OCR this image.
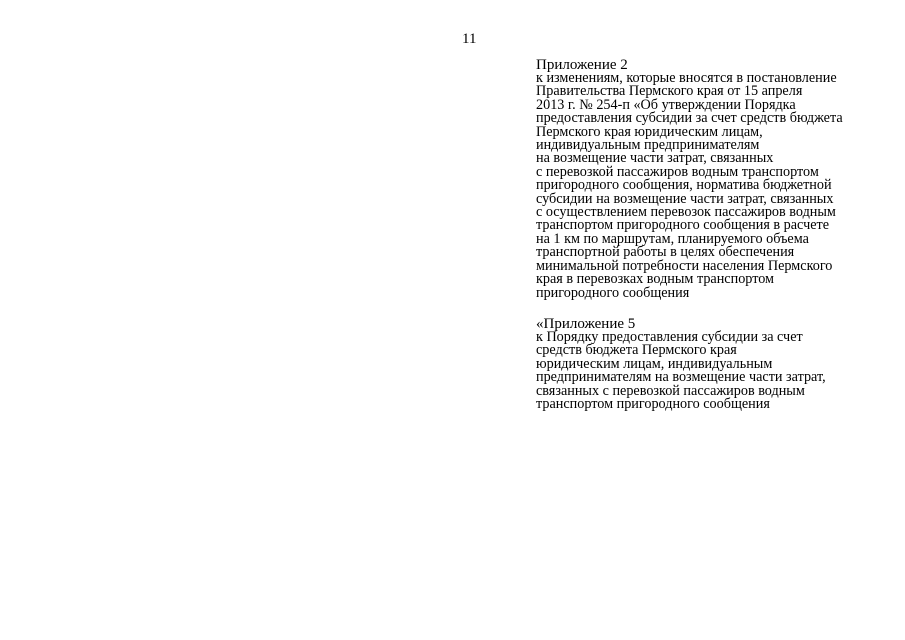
11
Приложение 2
к изменениям, которые вносятся в постановление
Правительства Пермского края от 15 апреля
2013 г. № 254-п «Об утверждении Порядка
предоставления субсидии за счет средств бюджета
Пермского края юридическим лицам,
индивидуальным предпринимателям
на возмещение части затрат, связанных
с перевозкой пассажиров водным транспортом
пригородного сообщения, норматива бюджетной
субсидии на возмещение части затрат, связанных
с осуществлением перевозок пассажиров водным
транспортом пригородного сообщения в расчете
на 1 км по маршрутам, планируемого объема
транспортной работы в целях обеспечения
минимальной потребности населения Пермского
края в перевозках водным транспортом
пригородного сообщения
«Приложение 5
к Порядку предоставления субсидии за счет
средств бюджета Пермского края
юридическим лицам, индивидуальным
предпринимателям на возмещение части затрат,
связанных с перевозкой пассажиров водным
транспортом пригородного сообщения
